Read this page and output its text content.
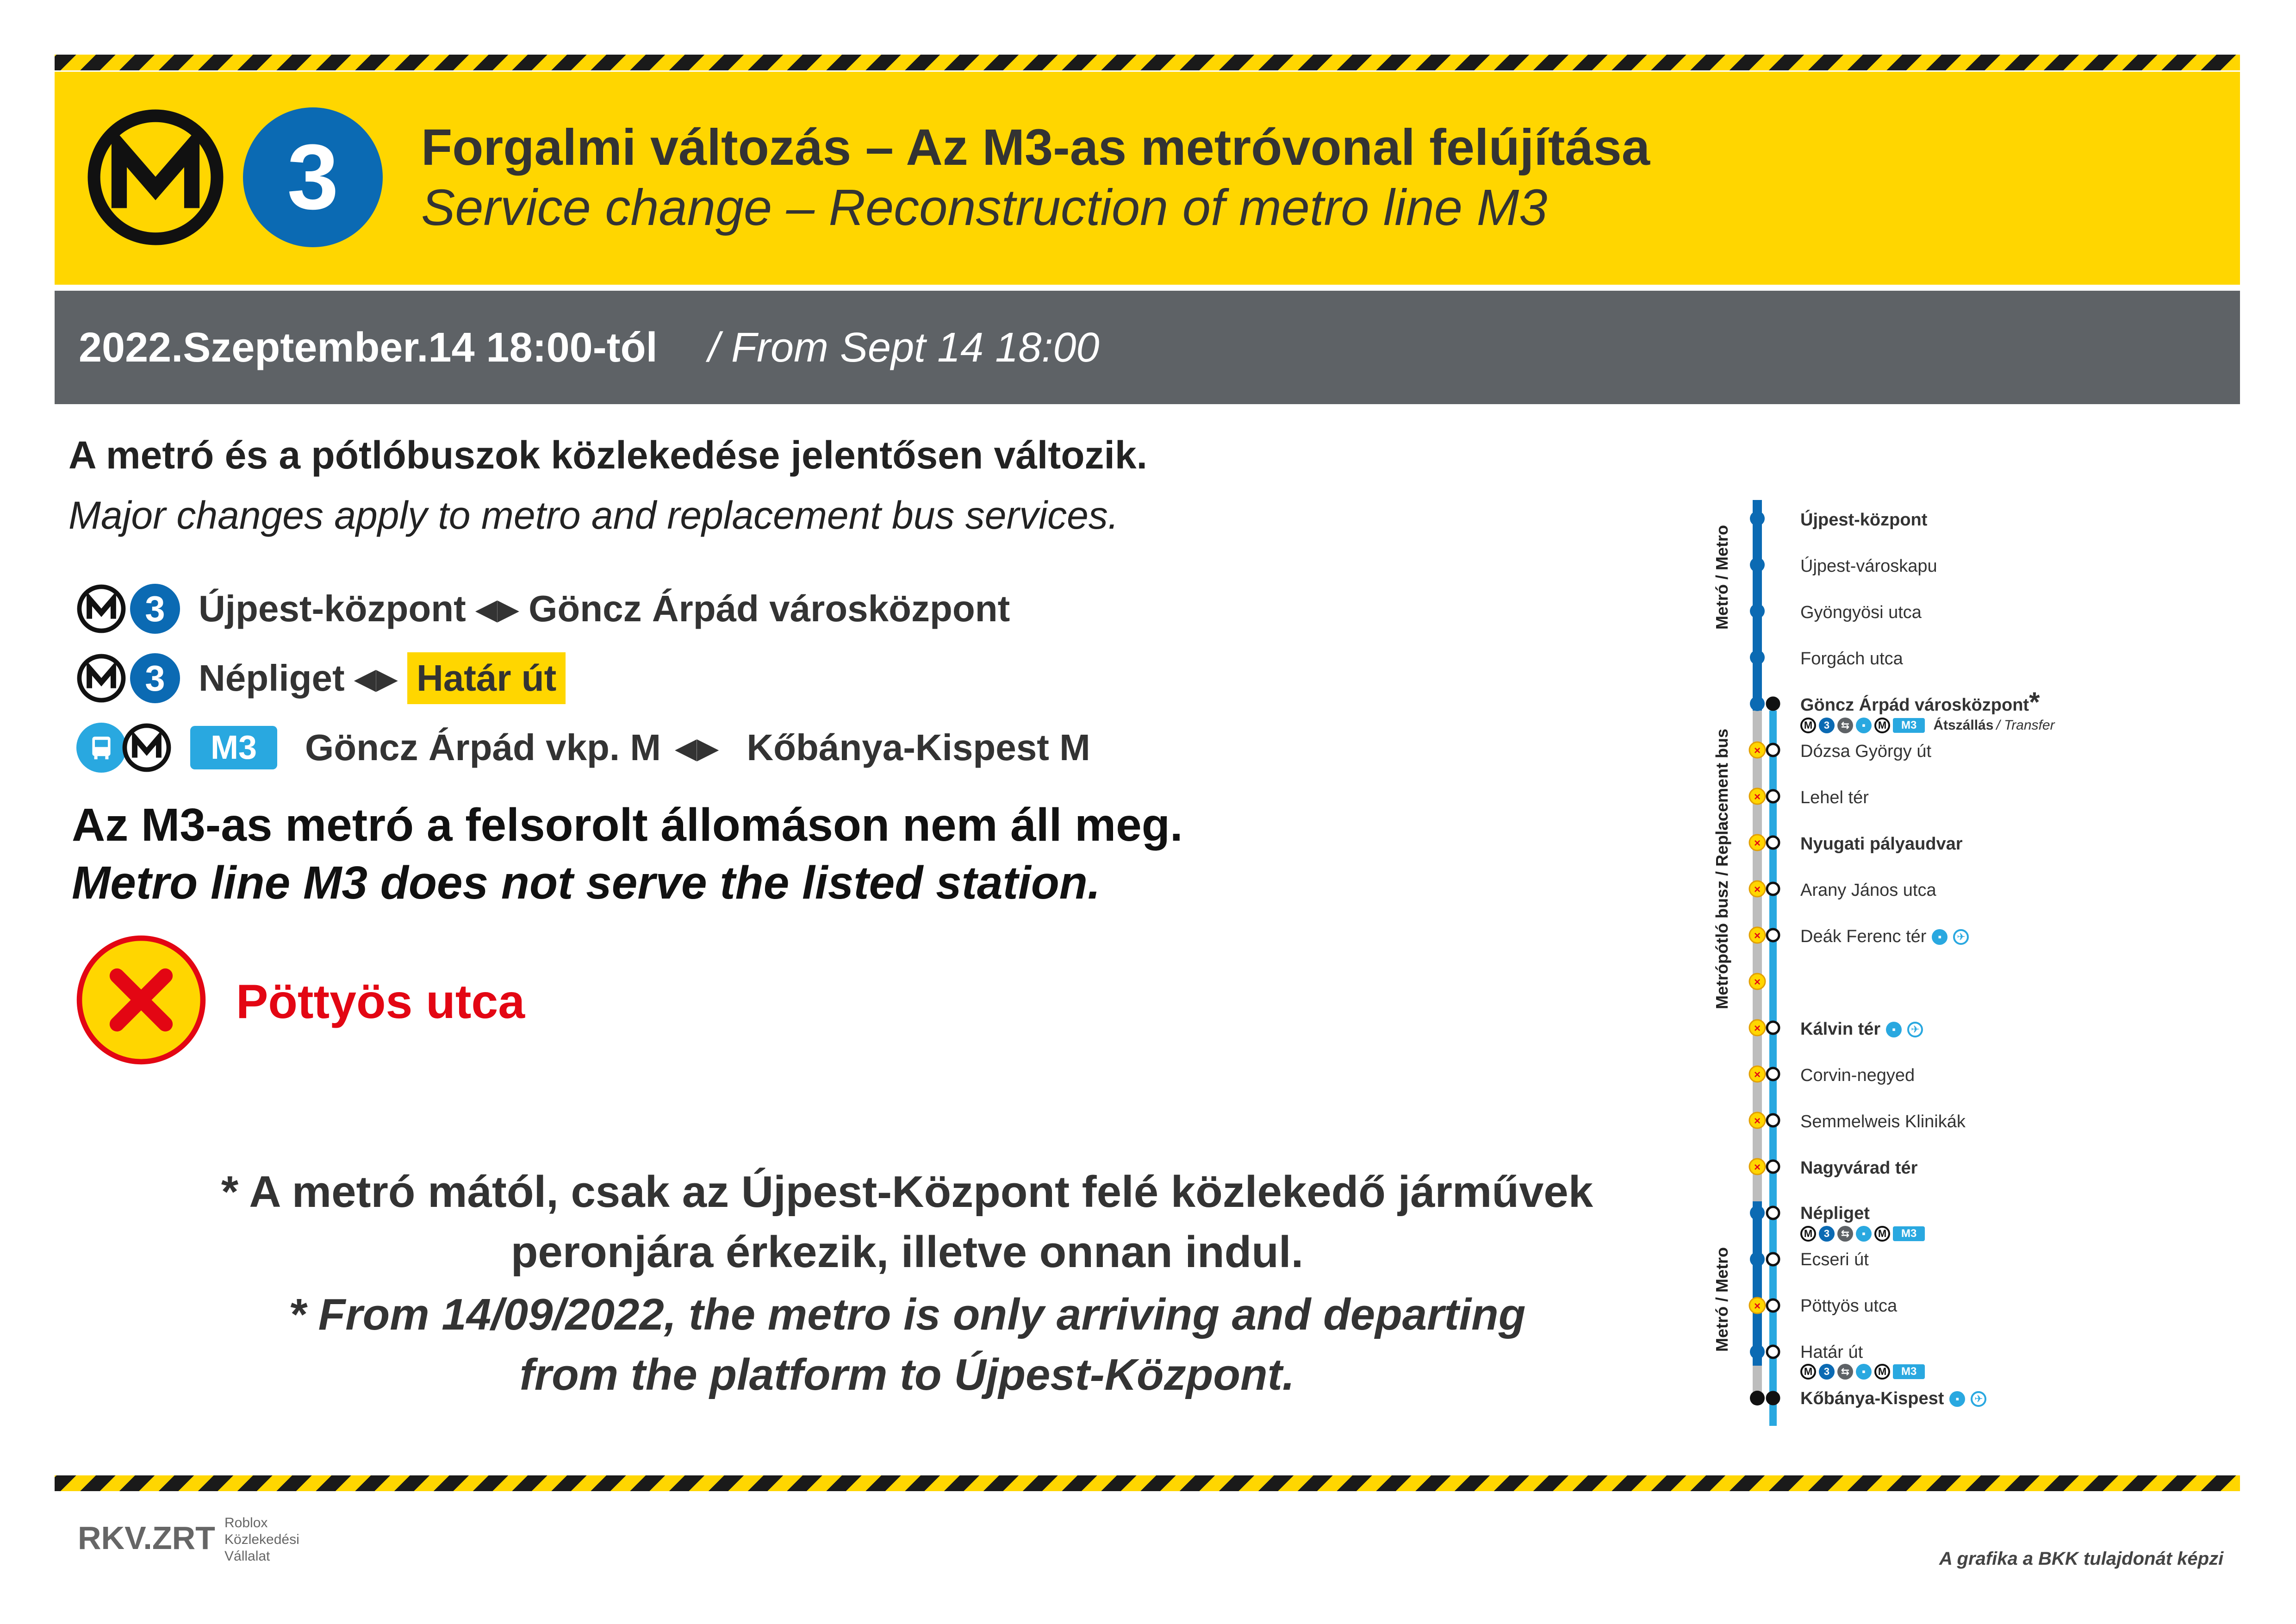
3	Forgalmi változás – Az M3-as metróvonal felújítása
Service change – Reconstruction of metro line M3
2022.Szeptember.14 18:00-tól / From Sept 14 18:00
A metró és a pótlóbuszok közlekedése jelentősen változik.
Major changes apply to metro and replacement bus services.
3 Újpest-központ ◀▶ Göncz Árpád városközpont
3 Népliget ◀▶ Határ út
M3	Göncz Árpád vkp. M ◀▶ Kőbánya-Kispest M
Az M3-as metró a felsorolt állomáson nem áll meg.
Metro line M3 does not serve the listed station.
Pöttyös utca
* A metró mától, csak az Újpest-Központ felé közlekedő járművek
peronjára érkezik, illetve onnan indul.
* From 14/09/2022, the metro is only arriving and departing
from the platform to Újpest-Központ.
Metró / Metro
Metrópótló busz / Replacement bus
Metró / Metro
×
×
×
×
×
×
×
×
×
×
×
Újpest-központ
Újpest-városkapu
Gyöngyösi utca
Forgách utca
Göncz Árpád városközpont*
M	3	⇆	▪	M	M3	Átszállás / Transfer
Dózsa György út
Lehel tér
Nyugati pályaudvar
Arany János utca
Deák Ferenc tér	▪	✈
Kálvin tér	▪	✈
Corvin-negyed
Semmelweis Klinikák
Nagyvárad tér
Népliget
M	3	⇆	▪	M	M3
Ecseri út
Pöttyös utca
Határ út
M	3	⇆	▪	M	M3
Kőbánya-Kispest	▪	✈
RKV.ZRT Roblox
Közlekedési
Vállalat	A grafika a BKK tulajdonát képzi
